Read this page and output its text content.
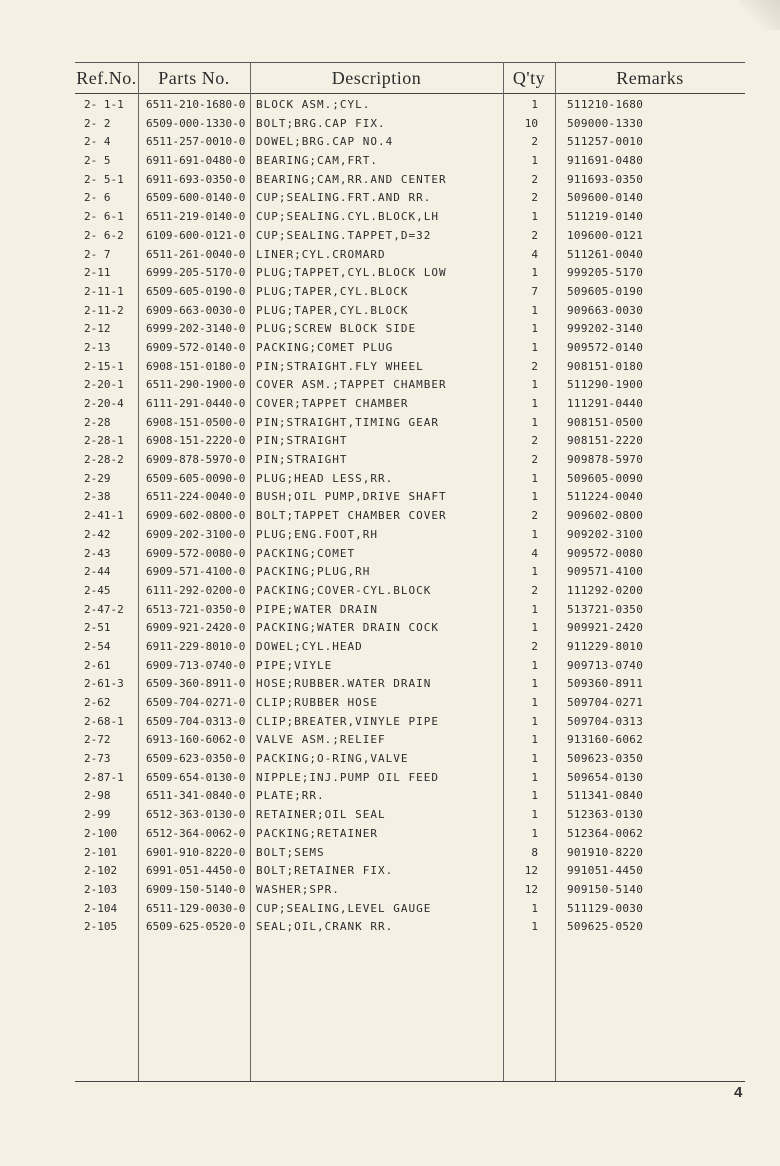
Ref.No.	Parts No.	Description	Q'ty	Remarks
2- 1-1 6511-210-1680-0 BLOCK ASM.;CYL.	1	511210-1680
2- 2	6509-000-1330-0 BOLT;BRG.CAP FIX.	10	509000-1330
2- 4	6511-257-0010-0 DOWEL;BRG.CAP NO.4	2	511257-0010
2- 5	6911-691-0480-0 BEARING;CAM,FRT.	1	911691-0480
2- 5-1 6911-693-0350-0 BEARING;CAM,RR.AND CENTER	2	911693-0350
2- 6	6509-600-0140-0 CUP;SEALING.FRT.AND RR.	2	509600-0140
2- 6-1 6511-219-0140-0 CUP;SEALING.CYL.BLOCK,LH	1	511219-0140
2- 6-2 6109-600-0121-0 CUP;SEALING.TAPPET,D=32	2	109600-0121
2- 7	6511-261-0040-0 LINER;CYL.CROMARD	4	511261-0040
2-11	6999-205-5170-0 PLUG;TAPPET,CYL.BLOCK LOW	1	999205-5170
2-11-1 6509-605-0190-0 PLUG;TAPER,CYL.BLOCK	7	509605-0190
2-11-2 6909-663-0030-0 PLUG;TAPER,CYL.BLOCK	1	909663-0030
2-12	6999-202-3140-0 PLUG;SCREW BLOCK SIDE	1	999202-3140
2-13	6909-572-0140-0 PACKING;COMET PLUG	1	909572-0140
2-15-1 6908-151-0180-0 PIN;STRAIGHT.FLY WHEEL	2	908151-0180
2-20-1 6511-290-1900-0 COVER ASM.;TAPPET CHAMBER	1	511290-1900
2-20-4 6111-291-0440-0 COVER;TAPPET CHAMBER	1	111291-0440
2-28	6908-151-0500-0 PIN;STRAIGHT,TIMING GEAR	1	908151-0500
2-28-1 6908-151-2220-0 PIN;STRAIGHT	2	908151-2220
2-28-2 6909-878-5970-0 PIN;STRAIGHT	2	909878-5970
2-29	6509-605-0090-0 PLUG;HEAD LESS,RR.	1	509605-0090
2-38	6511-224-0040-0 BUSH;OIL PUMP,DRIVE SHAFT	1	511224-0040
2-41-1 6909-602-0800-0 BOLT;TAPPET CHAMBER COVER	2	909602-0800
2-42	6909-202-3100-0 PLUG;ENG.FOOT,RH	1	909202-3100
2-43	6909-572-0080-0 PACKING;COMET	4	909572-0080
2-44	6909-571-4100-0 PACKING;PLUG,RH	1	909571-4100
2-45	6111-292-0200-0 PACKING;COVER-CYL.BLOCK	2	111292-0200
2-47-2 6513-721-0350-0 PIPE;WATER DRAIN	1	513721-0350
2-51	6909-921-2420-0 PACKING;WATER DRAIN COCK	1	909921-2420
2-54	6911-229-8010-0 DOWEL;CYL.HEAD	2	911229-8010
2-61	6909-713-0740-0 PIPE;VIYLE	1	909713-0740
2-61-3 6509-360-8911-0 HOSE;RUBBER.WATER DRAIN	1	509360-8911
2-62	6509-704-0271-0 CLIP;RUBBER HOSE	1	509704-0271
2-68-1 6509-704-0313-0 CLIP;BREATER,VINYLE PIPE	1	509704-0313
2-72	6913-160-6062-0 VALVE ASM.;RELIEF	1	913160-6062
2-73	6509-623-0350-0 PACKING;O-RING,VALVE	1	509623-0350
2-87-1 6509-654-0130-0 NIPPLE;INJ.PUMP OIL FEED	1	509654-0130
2-98	6511-341-0840-0 PLATE;RR.	1	511341-0840
2-99	6512-363-0130-0 RETAINER;OIL SEAL	1	512363-0130
2-100	6512-364-0062-0 PACKING;RETAINER	1	512364-0062
2-101	6901-910-8220-0 BOLT;SEMS	8	901910-8220
2-102	6991-051-4450-0 BOLT;RETAINER FIX.	12	991051-4450
2-103	6909-150-5140-0 WASHER;SPR.	12	909150-5140
2-104	6511-129-0030-0 CUP;SEALING,LEVEL GAUGE	1	511129-0030
2-105	6509-625-0520-0 SEAL;OIL,CRANK RR.	1	509625-0520
4
